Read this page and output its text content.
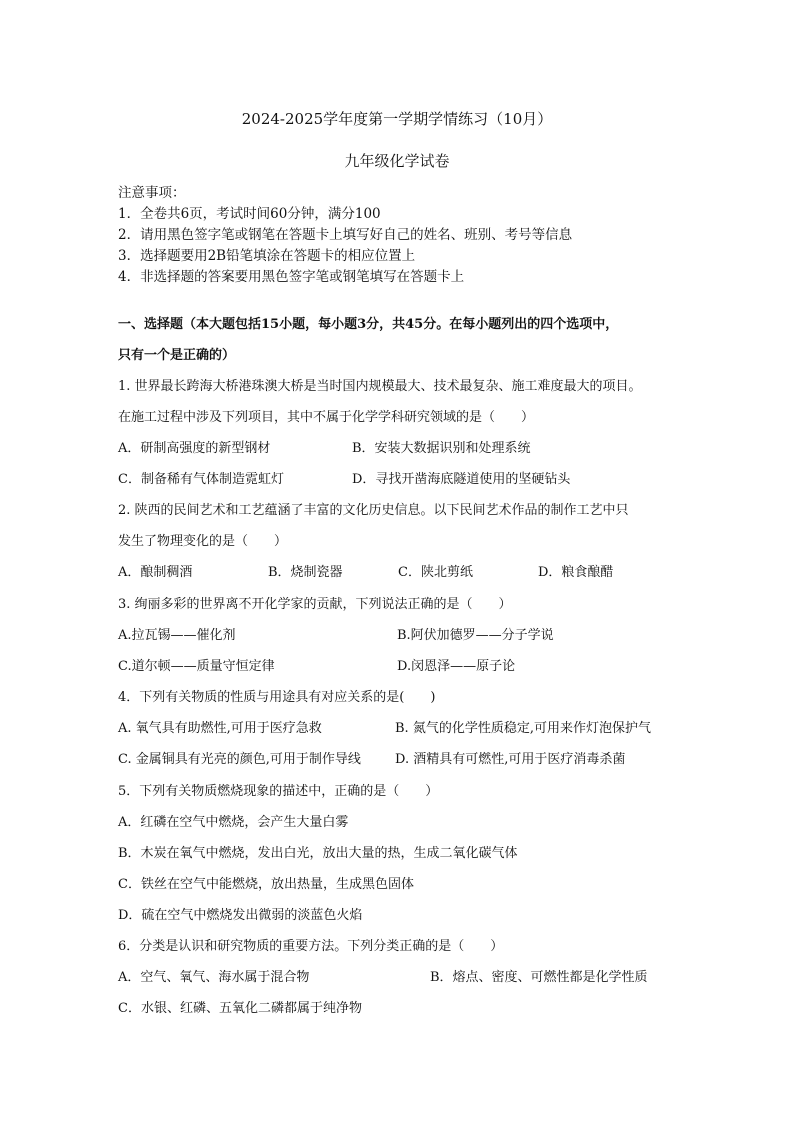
2024-2025学年度第一学期学情练习（10月）
九年级化学试卷
注意事项：
1．全卷共6页，考试时间60分钟，满分100
2．请用黑色签字笔或钢笔在答题卡上填写好自己的姓名、班别、考号等信息
3．选择题要用2B铅笔填涂在答题卡的相应位置上
4．非选择题的答案要用黑色签字笔或钢笔填写在答题卡上
一、选择题（本大题包括15小题，每小题3分，共45分。在每小题列出的四个选项中，
只有一个是正确的）
1. 世界最长跨海大桥港珠澳大桥是当时国内规模最大、技术最复杂、施工难度最大的项目。
在施工过程中涉及下列项目，其中不属于化学学科研究领域的是（　　）
A．研制高强度的新型钢材	B．安装大数据识别和处理系统
C．制备稀有气体制造霓虹灯	D．寻找开凿海底隧道使用的坚硬钻头
2. 陕西的民间艺术和工艺蕴涵了丰富的文化历史信息。以下民间艺术作品的制作工艺中只
发生了物理变化的是（　　）
A．酿制稠酒	B．烧制瓷器	C．陕北剪纸	D．粮食酿醋
3. 绚丽多彩的世界离不开化学家的贡献，下列说法正确的是（　　）
A.拉瓦锡——催化剂	B.阿伏加德罗——分子学说
C.道尔顿——质量守恒定律	D.闵恩泽——原子论
4．下列有关物质的性质与用途具有对应关系的是(　　)
A. 氧气具有助燃性,可用于医疗急救	B. 氮气的化学性质稳定,可用来作灯泡保护气
C. 金属铜具有光亮的颜色,可用于制作导线	D. 酒精具有可燃性,可用于医疗消毒杀菌
5．下列有关物质燃烧现象的描述中，正确的是（　　）
A．红磷在空气中燃烧，会产生大量白雾
B．木炭在氧气中燃烧，发出白光，放出大量的热，生成二氧化碳气体
C．铁丝在空气中能燃烧，放出热量，生成黑色固体
D．硫在空气中燃烧发出微弱的淡蓝色火焰
6．分类是认识和研究物质的重要方法。下列分类正确的是（　　）
A．空气、氧气、海水属于混合物	B．熔点、密度、可燃性都是化学性质
C．水银、红磷、五氧化二磷都属于纯净物
